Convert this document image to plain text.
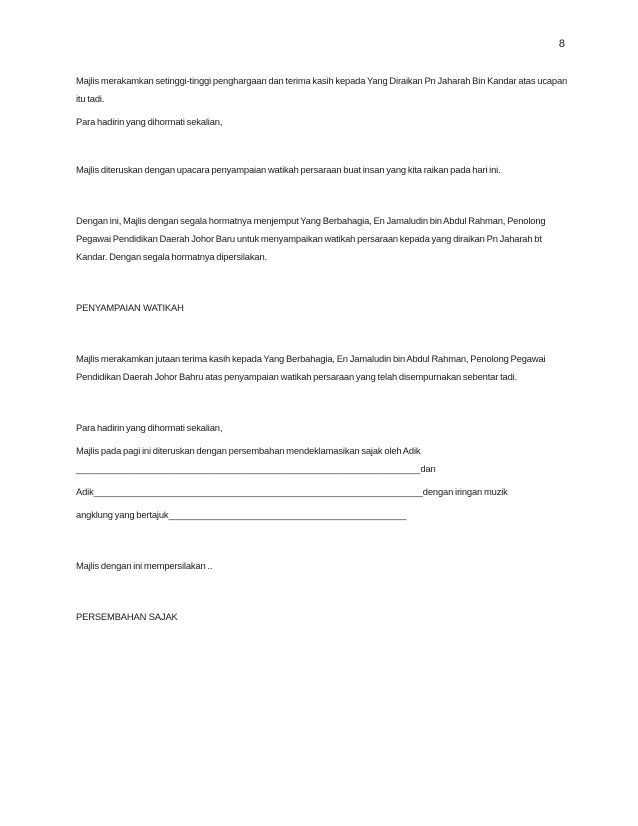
8

Majlis merakamkan setinggi-tinggi penghargaan dan terima kasih kepada Yang Diraikan Pn Jaharah Bin Kandar atas ucapan itu tadi.

Para hadirin yang dihormati sekalian,

Majlis diteruskan dengan upacara penyampaian watikah persaraan buat insan yang kita raikan pada hari ini.

Dengan ini, Majlis dengan segala hormatnya menjemput Yang Berbahagia, En Jamaludin bin Abdul Rahman, Penolong Pegawai Pendidikan Daerah Johor Baru untuk menyampaikan watikah persaraan kepada yang diraikan Pn Jaharah bt Kandar. Dengan segala hormatnya dipersilakan.

PENYAMPAIAN WATIKAH

Majlis merakamkan jutaan terima kasih kepada Yang Berbahagia, En Jamaludin bin Abdul Rahman, Penolong Pegawai Pendidikan Daerah Johor Bahru atas penyampaian watikah persaraan yang telah disempurnakan sebentar tadi.

Para hadirin yang dihormati sekalian,

Majlis pada pagi ini diteruskan dengan persembahan mendeklamasikan sajak oleh Adik

____________________________________________________________________dan

Adik_________________________________________________________________dengan iringan muzik

angklung yang bertajuk_______________________________________________

Majlis dengan ini mempersilakan ..

PERSEMBAHAN SAJAK
